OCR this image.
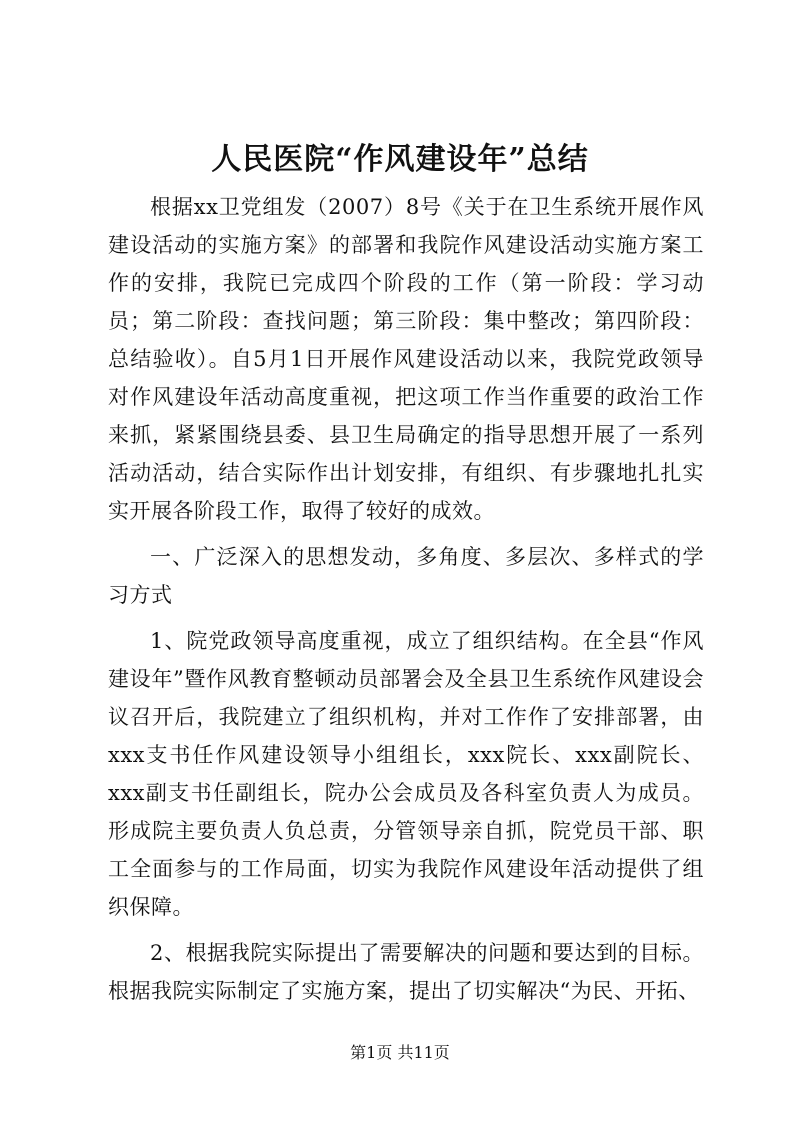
人民医院“作风建设年”总结

根据xx卫党组发（2007）8号《关于在卫生系统开展作风建设活动的实施方案》的部署和我院作风建设活动实施方案工作的安排，我院已完成四个阶段的工作（第一阶段：学习动员；第二阶段：查找问题；第三阶段：集中整改；第四阶段：总结验收）。自5月1日开展作风建设活动以来，我院党政领导对作风建设年活动高度重视，把这项工作当作重要的政治工作来抓，紧紧围绕县委、县卫生局确定的指导思想开展了一系列活动活动，结合实际作出计划安排，有组织、有步骤地扎扎实实开展各阶段工作，取得了较好的成效。

一、广泛深入的思想发动，多角度、多层次、多样式的学习方式

1、院党政领导高度重视，成立了组织结构。在全县“作风建设年”暨作风教育整顿动员部署会及全县卫生系统作风建设会议召开后，我院建立了组织机构，并对工作作了安排部署，由xxx支书任作风建设领导小组组长，xxx院长、xxx副院长、xxx副支书任副组长，院办公会成员及各科室负责人为成员。形成院主要负责人负总责，分管领导亲自抓，院党员干部、职工全面参与的工作局面，切实为我院作风建设年活动提供了组织保障。

2、根据我院实际提出了需要解决的问题和要达到的目标。根据我院实际制定了实施方案，提出了切实解决“为民、开拓、

第1页 共11页
